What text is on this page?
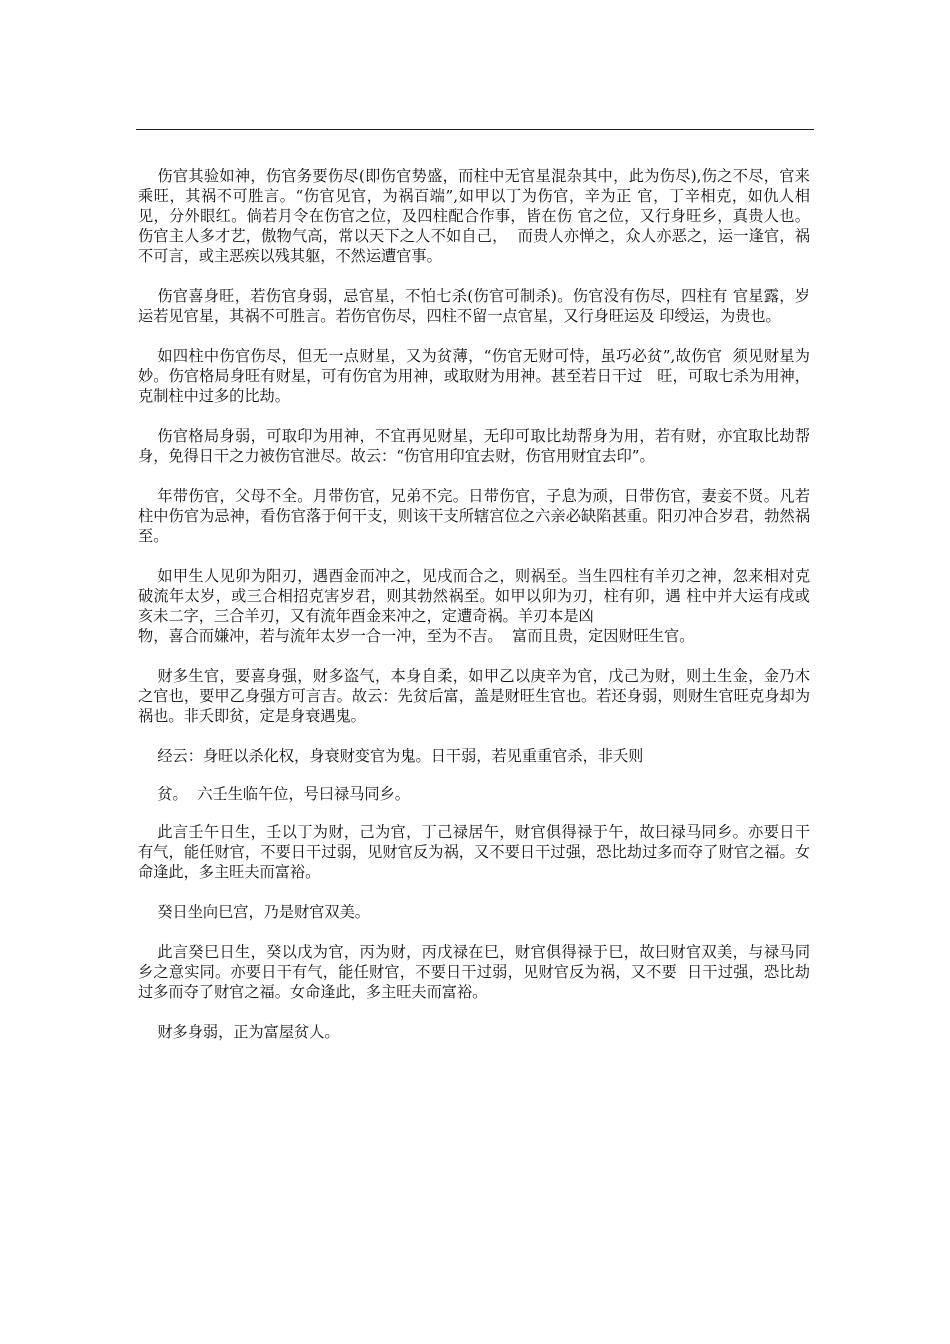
伤官其验如神，伤官务要伤尽(即伤官势盛，而柱中无官星混杂其中，此为伤尽),伤之不尽，官来乘旺，其祸不可胜言。“伤官见官，为祸百端”,如甲以丁为伤官，辛为正 官，丁辛相克，如仇人相见，分外眼红。倘若月令在伤官之位，及四柱配合作事，皆在伤 官之位，又行身旺乡，真贵人也。伤官主人多才艺，傲物气高，常以天下之人不如自己，  而贵人亦惮之，众人亦恶之，运一逢官，祸不可言，或主恶疾以残其躯，不然运遭官事。

伤官喜身旺，若伤官身弱，忌官星，不怕七杀(伤官可制杀)。伤官没有伤尽，四柱有 官星露，岁运若见官星，其祸不可胜言。若伤官伤尽，四柱不留一点官星，又行身旺运及 印绶运，为贵也。

如四柱中伤官伤尽，但无一点财星，又为贫薄，“伤官无财可恃，虽巧必贫”,故伤官  须见财星为妙。伤官格局身旺有财星，可有伤官为用神，或取财为用神。甚至若日干过   旺，可取七杀为用神，克制柱中过多的比劫。

伤官格局身弱，可取印为用神，不宜再见财星，无印可取比劫帮身为用，若有财，亦宜取比劫帮身，免得日干之力被伤官泄尽。故云：“伤官用印宜去财，伤官用财宜去印”。

年带伤官，父母不全。月带伤官，兄弟不完。日带伤官，子息为顽，日带伤官，妻妾不贤。凡若柱中伤官为忌神，看伤官落于何干支，则该干支所辖宫位之六亲必缺陷甚重。阳刃冲合岁君，勃然祸至。

如甲生人见卯为阳刃，遇酉金而冲之，见戌而合之，则祸至。当生四柱有羊刃之神，忽来相对克破流年太岁，或三合相招克害岁君，则其勃然祸至。如甲以卯为刃，柱有卯，遇 柱中并大运有戌或亥未二字，三合羊刃，又有流年酉金来冲之，定遭奇祸。羊刃本是凶
物，喜合而嫌冲，若与流年太岁一合一冲，至为不吉。  富而且贵，定因财旺生官。

财多生官，要喜身强，财多盗气，本身自柔，如甲乙以庚辛为官，戊己为财，则土生金，金乃木之官也，要甲乙身强方可言吉。故云：先贫后富，盖是财旺生官也。若还身弱，则财生官旺克身却为祸也。非夭即贫，定是身衰遇鬼。

经云：身旺以杀化权，身衰财变官为鬼。日干弱，若见重重官杀，非夭则

贫。  六壬生临午位，号曰禄马同乡。

此言壬午日生，壬以丁为财，己为官，丁己禄居午，财官俱得禄于午，故曰禄马同乡。亦要日干有气，能任财官，不要日干过弱，见财官反为祸，又不要日干过强，恐比劫过多而夺了财官之福。女命逢此，多主旺夫而富裕。

癸日坐向巳宫，乃是财官双美。

此言癸巳日生，癸以戊为官，丙为财，丙戊禄在巳，财官俱得禄于巳，故曰财官双美，与禄马同乡之意实同。亦要日干有气，能任财官，不要日干过弱，见财官反为祸，又不要  日干过强，恐比劫过多而夺了财官之福。女命逢此，多主旺夫而富裕。

财多身弱，正为富屋贫人。
